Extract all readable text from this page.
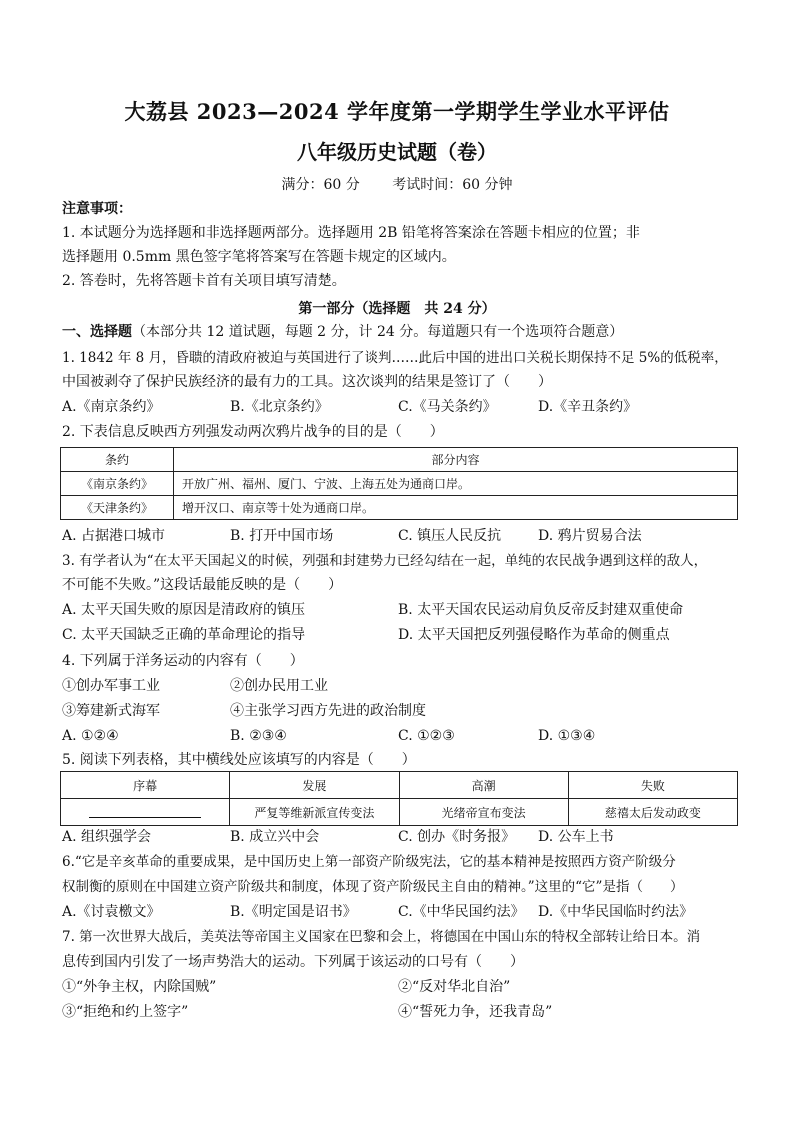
大荔县 2023—2024 学年度第一学期学生学业水平评估
八年级历史试题（卷）
满分：60 分 考试时间：60 分钟
注意事项：
1. 本试题分为选择题和非选择题两部分。选择题用 2B 铅笔将答案涂在答题卡相应的位置；非
选择题用 0.5mm 黑色签字笔将答案写在答题卡规定的区域内。
2. 答卷时，先将答题卡首有关项目填写清楚。
第一部分（选择题　共 24 分）
一、选择题（本部分共 12 道试题，每题 2 分，计 24 分。每道题只有一个选项符合题意）
1. 1842 年 8 月，昏聩的清政府被迫与英国进行了谈判……此后中国的进出口关税长期保持不足 5%的低税率，
中国被剥夺了保护民族经济的最有力的工具。这次谈判的结果是签订了（　　）
A.《南京条约》	B.《北京条约》	C.《马关条约》	D.《辛丑条约》
2. 下表信息反映西方列强发动两次鸦片战争的目的是（　　）
条约	部分内容
《南京条约》	开放广州、福州、厦门、宁波、上海五处为通商口岸。
《天津条约》	增开汉口、南京等十处为通商口岸。
A. 占据港口城市	B. 打开中国市场	C. 镇压人民反抗	D. 鸦片贸易合法
3. 有学者认为“在太平天国起义的时候，列强和封建势力已经勾结在一起，单纯的农民战争遇到这样的敌人，
不可能不失败。”这段话最能反映的是（　　）
A. 太平天国失败的原因是清政府的镇压	B. 太平天国农民运动肩负反帝反封建双重使命
C. 太平天国缺乏正确的革命理论的指导	D. 太平天国把反列强侵略作为革命的侧重点
4. 下列属于洋务运动的内容有（　　）
①创办军事工业	②创办民用工业
③筹建新式海军	④主张学习西方先进的政治制度
A. ①②④	B. ②③④	C. ①②③	D. ①③④
5. 阅读下列表格，其中横线处应该填写的内容是（　　）
序幕	发展	高潮	失败
	严复等维新派宣传变法	光绪帝宣布变法	慈禧太后发动政变
A. 组织强学会	B. 成立兴中会	C. 创办《时务报》 D. 公车上书
6.“它是辛亥革命的重要成果，是中国历史上第一部资产阶级宪法，它的基本精神是按照西方资产阶级分
权制衡的原则在中国建立资产阶级共和制度，体现了资产阶级民主自由的精神。”这里的“它”是指（　　）
A.《讨袁檄文》	B.《明定国是诏书》	C.《中华民国约法》 D.《中华民国临时约法》
7. 第一次世界大战后，美英法等帝国主义国家在巴黎和会上，将德国在中国山东的特权全部转让给日本。消
息传到国内引发了一场声势浩大的运动。下列属于该运动的口号有（　　）
①“外争主权，内除国贼”	②“反对华北自治”
③“拒绝和约上签字”	④“誓死力争，还我青岛”
